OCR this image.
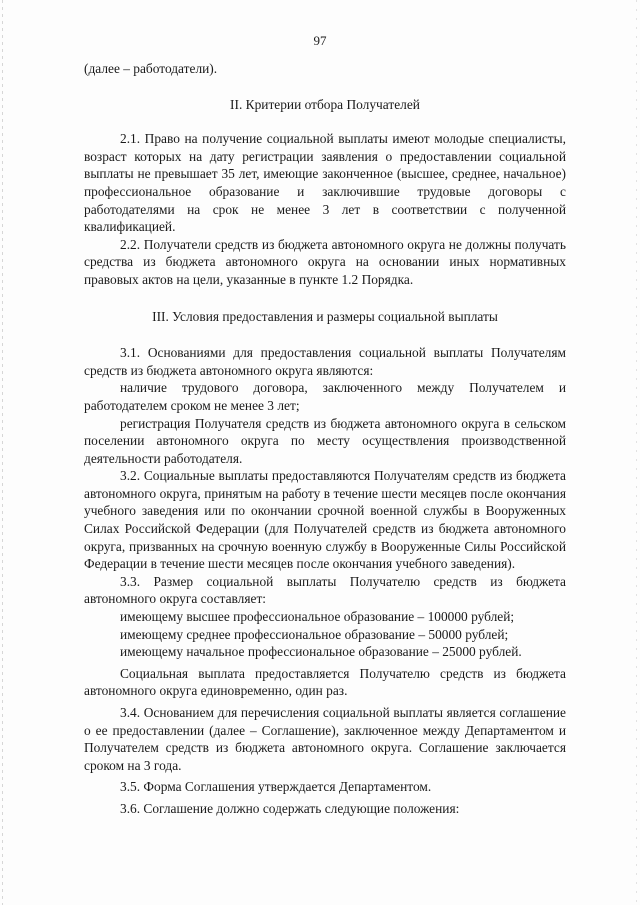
97

(далее – работодатели).

II. Критерии отбора Получателей

2.1. Право на получение социальной выплаты имеют молодые специалисты, возраст которых на дату регистрации заявления о предоставлении социальной выплаты не превышает 35 лет, имеющие законченное (высшее, среднее, начальное) профессиональное образование и заключившие трудовые договоры с работодателями на срок не менее 3 лет в соответствии с полученной квалификацией.

2.2. Получатели средств из бюджета автономного округа не должны получать средства из бюджета автономного округа на основании иных нормативных правовых актов на цели, указанные в пункте 1.2 Порядка.

III. Условия предоставления и размеры социальной выплаты

3.1. Основаниями для предоставления социальной выплаты Получателям средств из бюджета автономного округа являются:

наличие трудового договора, заключенного между Получателем и работодателем сроком не менее 3 лет;

регистрация Получателя средств из бюджета автономного округа в сельском поселении автономного округа по месту осуществления производственной деятельности работодателя.

3.2. Социальные выплаты предоставляются Получателям средств из бюджета автономного округа, принятым на работу в течение шести месяцев после окончания учебного заведения или по окончании срочной военной службы в Вооруженных Силах Российской Федерации (для Получателей средств из бюджета автономного округа, призванных на срочную военную службу в Вооруженные Силы Российской Федерации в течение шести месяцев после окончания учебного заведения).

3.3. Размер социальной выплаты Получателю средств из бюджета автономного округа составляет:

имеющему высшее профессиональное образование – 100000 рублей;

имеющему среднее профессиональное образование – 50000 рублей;

имеющему начальное профессиональное образование – 25000 рублей.

Социальная выплата предоставляется Получателю средств из бюджета автономного округа единовременно, один раз.

3.4. Основанием для перечисления социальной выплаты является соглашение о ее предоставлении (далее – Соглашение), заключенное между Департаментом и Получателем средств из бюджета автономного округа. Соглашение заключается сроком на 3 года.

3.5. Форма Соглашения утверждается Департаментом.

3.6. Соглашение должно содержать следующие положения:
